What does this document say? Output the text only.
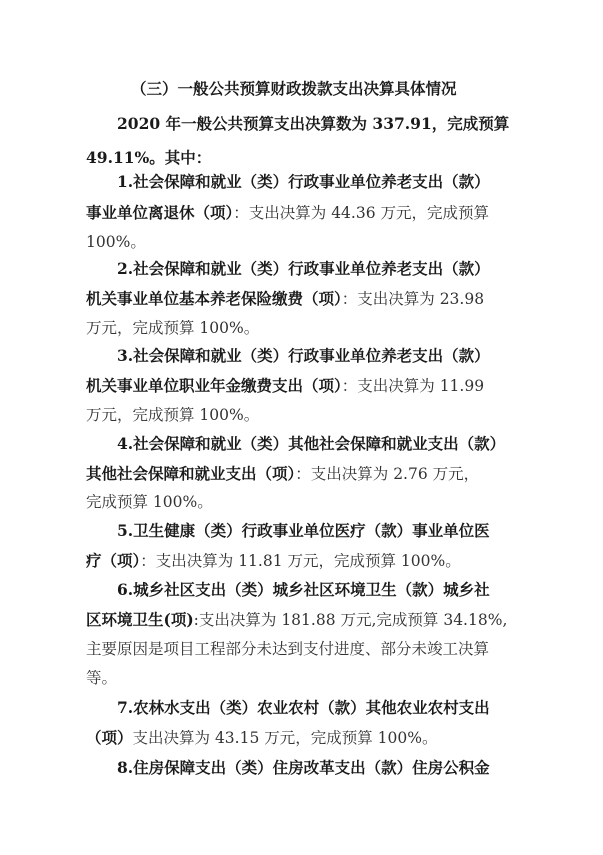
（三）一般公共预算财政拨款支出决算具体情况
2020 年一般公共预算支出决算数为 337.91，完成预算
49.11%。其中：
1.社会保障和就业（类）行政事业单位养老支出（款）
事业单位离退休（项）：支出决算为 44.36 万元，完成预算
100%。
2.社会保障和就业（类）行政事业单位养老支出（款）
机关事业单位基本养老保险缴费（项）：支出决算为 23.98
万元，完成预算 100%。
3.社会保障和就业（类）行政事业单位养老支出（款）
机关事业单位职业年金缴费支出（项）：支出决算为 11.99
万元，完成预算 100%。
4.社会保障和就业（类）其他社会保障和就业支出（款）
其他社会保障和就业支出（项）：支出决算为 2.76 万元，
完成预算 100%。
5.卫生健康（类）行政事业单位医疗（款）事业单位医
疗（项）：支出决算为 11.81 万元，完成预算 100%。
6.城乡社区支出（类）城乡社区环境卫生（款）城乡社
区环境卫生(项):支出决算为 181.88 万元,完成预算 34.18%,
主要原因是项目工程部分未达到支付进度、部分未竣工决算
等。
7.农林水支出（类）农业农村（款）其他农业农村支出
（项）支出决算为 43.15 万元，完成预算 100%。
8.住房保障支出（类）住房改革支出（款）住房公积金
